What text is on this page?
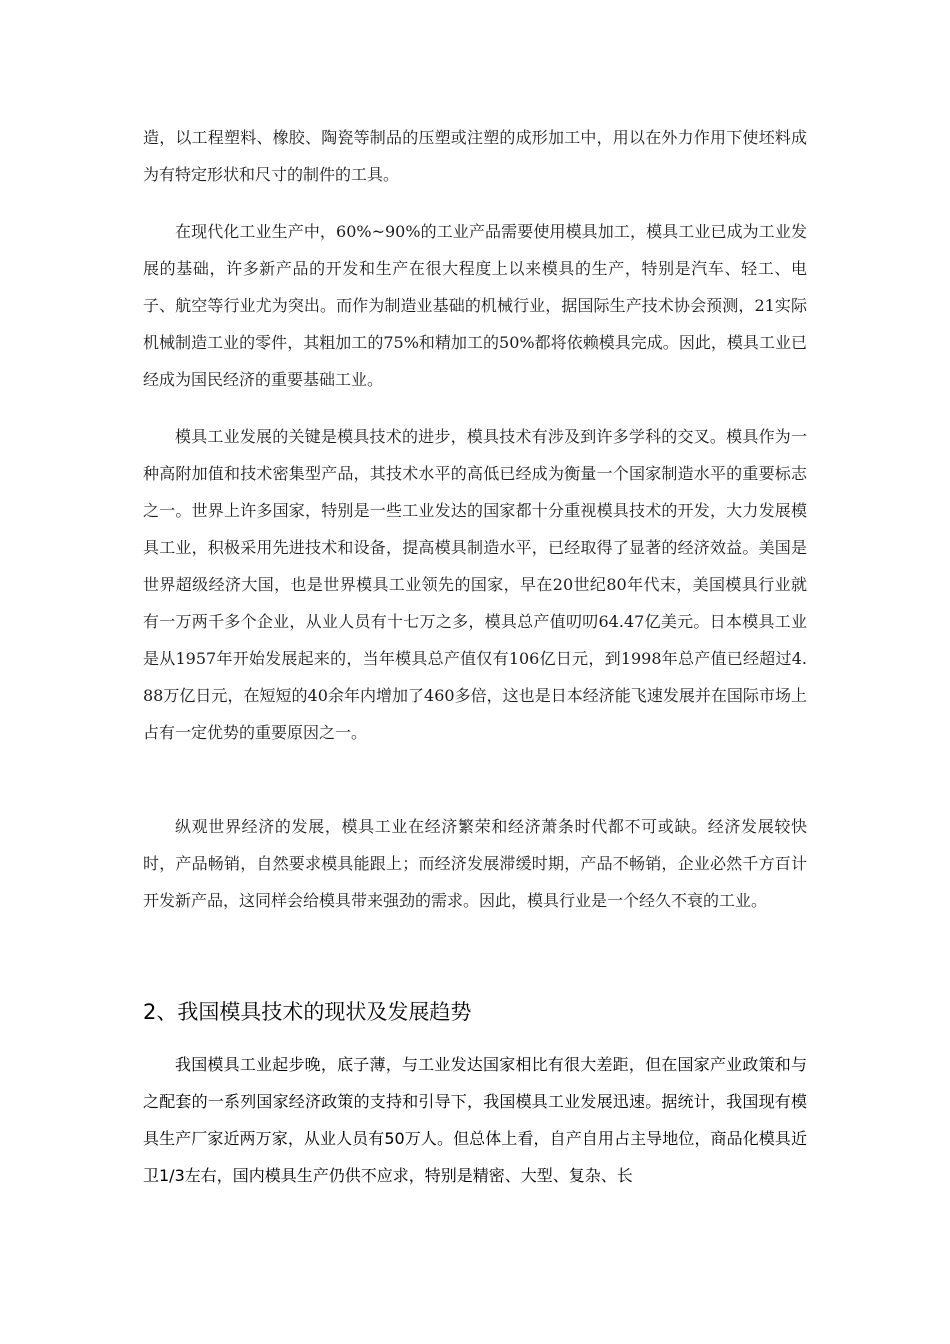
造，以工程塑料、橡胶、陶瓷等制品的压塑或注塑的成形加工中，用以在外力作用下使坯料成为有特定形状和尺寸的制件的工具。

在现代化工业生产中，60%~90%的工业产品需要使用模具加工，模具工业已成为工业发展的基础，许多新产品的开发和生产在很大程度上以来模具的生产，特别是汽车、轻工、电子、航空等行业尤为突出。而作为制造业基础的机械行业，据国际生产技术协会预测，21实际机械制造工业的零件，其粗加工的75%和精加工的50%都将依赖模具完成。因此，模具工业已经成为国民经济的重要基础工业。

模具工业发展的关键是模具技术的进步，模具技术有涉及到许多学科的交叉。模具作为一种高附加值和技术密集型产品，其技术水平的高低已经成为衡量一个国家制造水平的重要标志之一。世界上许多国家，特别是一些工业发达的国家都十分重视模具技术的开发，大力发展模具工业，积极采用先进技术和设备，提高模具制造水平，已经取得了显著的经济效益。美国是世界超级经济大国，也是世界模具工业领先的国家，早在20世纪80年代末，美国模具行业就有一万两千多个企业，从业人员有十七万之多，模具总产值叨叨64.47亿美元。日本模具工业是从1957年开始发展起来的，当年模具总产值仅有106亿日元，到1998年总产值已经超过4.88万亿日元，在短短的40余年内增加了460多倍，这也是日本经济能飞速发展并在国际市场上占有一定优势的重要原因之一。

纵观世界经济的发展，模具工业在经济繁荣和经济萧条时代都不可或缺。经济发展较快时，产品畅销，自然要求模具能跟上；而经济发展滞缓时期，产品不畅销，企业必然千方百计开发新产品，这同样会给模具带来强劲的需求。因此，模具行业是一个经久不衰的工业。

2、我国模具技术的现状及发展趋势

我国模具工业起步晚，底子薄，与工业发达国家相比有很大差距，但在国家产业政策和与之配套的一系列国家经济政策的支持和引导下，我国模具工业发展迅速。据统计，我国现有模具生产厂家近两万家，从业人员有50万人。但总体上看，自产自用占主导地位，商品化模具近卫1/3左右，国内模具生产仍供不应求，特别是精密、大型、复杂、长
